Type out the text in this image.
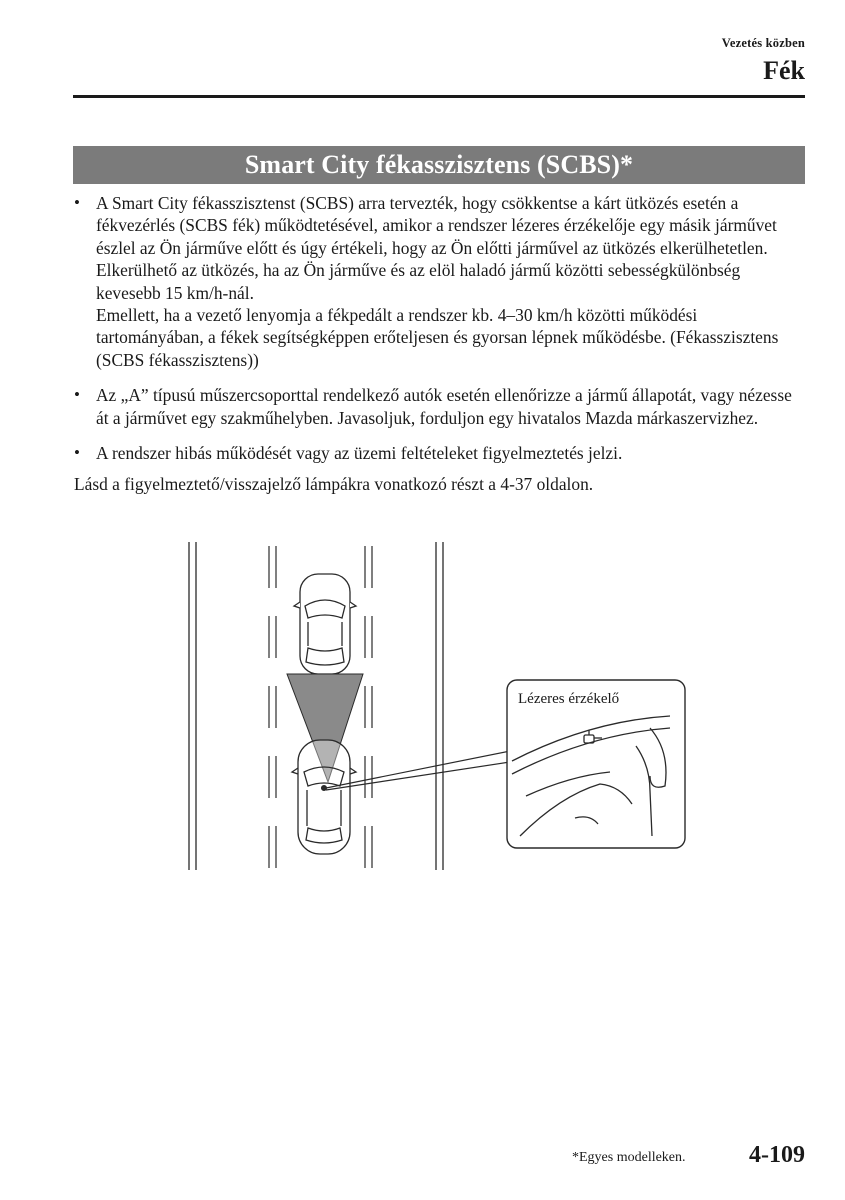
Vezetés közben
Fék
Smart City fékasszisztens (SCBS)*
• A Smart City fékasszisztenst (SCBS) arra tervezték, hogy csökkentse a kárt ütközés esetén a fékvezérlés (SCBS fék) működtetésével, amikor a rendszer lézeres érzékelője egy másik járművet észlel az Ön járműve előtt és úgy értékeli, hogy az Ön előtti járművel az ütközés elkerülhetetlen. Elkerülhető az ütközés, ha az Ön járműve és az elöl haladó jármű közötti sebességkülönbség kevesebb 15 km/h-nál.
Emellett, ha a vezető lenyomja a fékpedált a rendszer kb. 4–30 km/h közötti működési tartományában, a fékek segítségképpen erőteljesen és gyorsan lépnek működésbe. (Fékasszisztens (SCBS fékasszisztens))
• Az „A” típusú műszercsoporttal rendelkező autók esetén ellenőrizze a jármű állapotát, vagy nézesse át a járművet egy szakműhelyben. Javasoljuk, forduljon egy hivatalos Mazda márkaszervizhez.
• A rendszer hibás működését vagy az üzemi feltételeket figyelmeztetés jelzi.
Lásd a figyelmeztető/visszajelző lámpákra vonatkozó részt a 4-37 oldalon.
Lézeres érzékelő
*Egyes modelleken.	4-109
